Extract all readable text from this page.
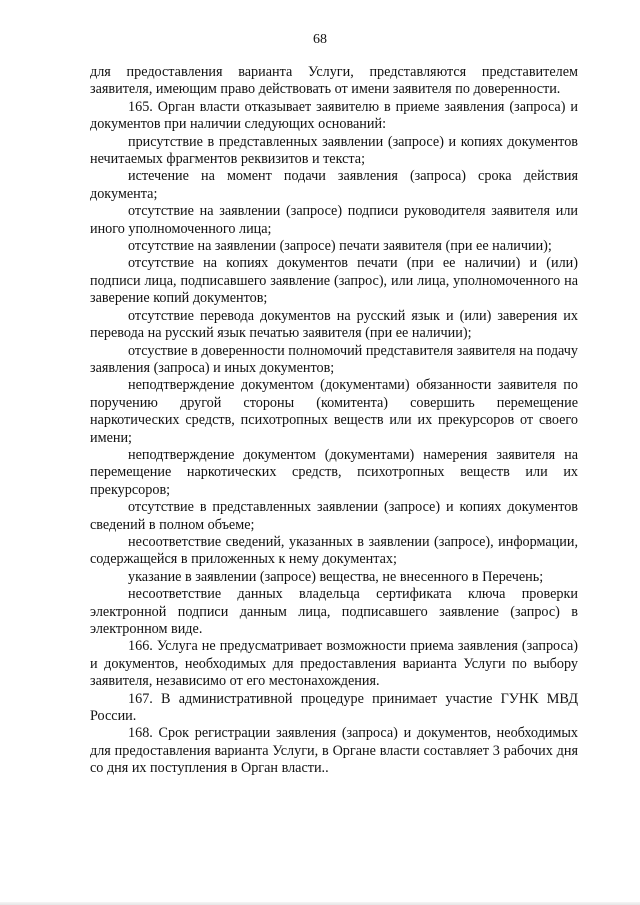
68

для предоставления варианта Услуги, представляются представителем заявителя, имеющим право действовать от имени заявителя по доверенности.

165. Орган власти отказывает заявителю в приеме заявления (запроса) и документов при наличии следующих оснований:

присутствие в представленных заявлении (запросе) и копиях документов нечитаемых фрагментов реквизитов и текста;

истечение на момент подачи заявления (запроса) срока действия документа;

отсутствие на заявлении (запросе) подписи руководителя заявителя или иного уполномоченного лица;

отсутствие на заявлении (запросе) печати заявителя (при ее наличии);

отсутствие на копиях документов печати (при ее наличии) и (или) подписи лица, подписавшего заявление (запрос), или лица, уполномоченного на заверение копий документов;

отсутствие перевода документов на русский язык и (или) заверения их перевода на русский язык печатью заявителя (при ее наличии);

отсуствие в доверенности полномочий представителя заявителя на подачу заявления (запроса) и иных документов;

неподтверждение документом (документами) обязанности заявителя по поручению другой стороны (комитента) совершить перемещение наркотических средств, психотропных веществ или их прекурсоров от своего имени;

неподтверждение документом (документами) намерения заявителя на перемещение наркотических средств, психотропных веществ или их прекурсоров;

отсутствие в представленных заявлении (запросе) и копиях документов сведений в полном объеме;

несоответствие сведений, указанных в заявлении (запросе), информации, содержащейся в приложенных к нему документах;

указание в заявлении (запросе) вещества, не внесенного в Перечень;

несоответствие данных владельца сертификата ключа проверки электронной подписи данным лица, подписавшего заявление (запрос) в электронном виде.

166. Услуга не предусматривает возможности приема заявления (запроса) и документов, необходимых для предоставления варианта Услуги по выбору заявителя, независимо от его местонахождения.

167. В административной процедуре принимает участие ГУНК МВД России.

168. Срок регистрации заявления (запроса) и документов, необходимых для предоставления варианта Услуги, в Органе власти составляет 3 рабочих дня со дня их поступления в Орган власти..
